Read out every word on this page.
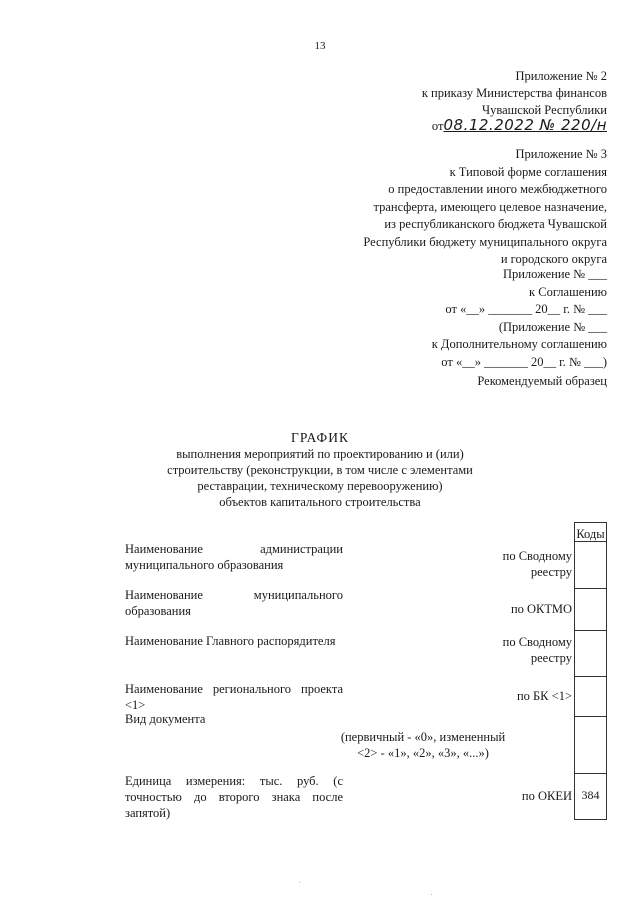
13
Приложение № 2
к приказу Министерства финансов
Чувашской Республики
от08.12.2022 № 220/н
Приложение № 3
к Типовой форме соглашения
о предоставлении иного межбюджетного
трансферта, имеющего целевое назначение,
из республиканского бюджета Чувашской
Республики бюджету муниципального округа
и городского округа
Приложение № ___
к Соглашению
от «__» _______ 20__ г. № ___
(Приложение № ___
к Дополнительному соглашению
от «__» _______ 20__ г. № ___)
Рекомендуемый образец
ГРАФИК
выполнения мероприятий по проектированию и (или)
строительству (реконструкции, в том числе с элементами
реставрации, техническому перевооружению)
объектов капитального строительства
Коды
Наименование администрации муниципального образования
по Сводному реестру
Наименование муниципального образования	по ОКТМО
Наименование Главного распорядителя	по Сводному реестру
Наименование регионального проекта <1>
по БК <1>
Вид документа
(первичный - «0», измененный <2> - «1», «2», «3», «...»)
Единица измерения: тыс. руб. (с точностью до второго знака после запятой)
по ОКЕИ 384
·
·
